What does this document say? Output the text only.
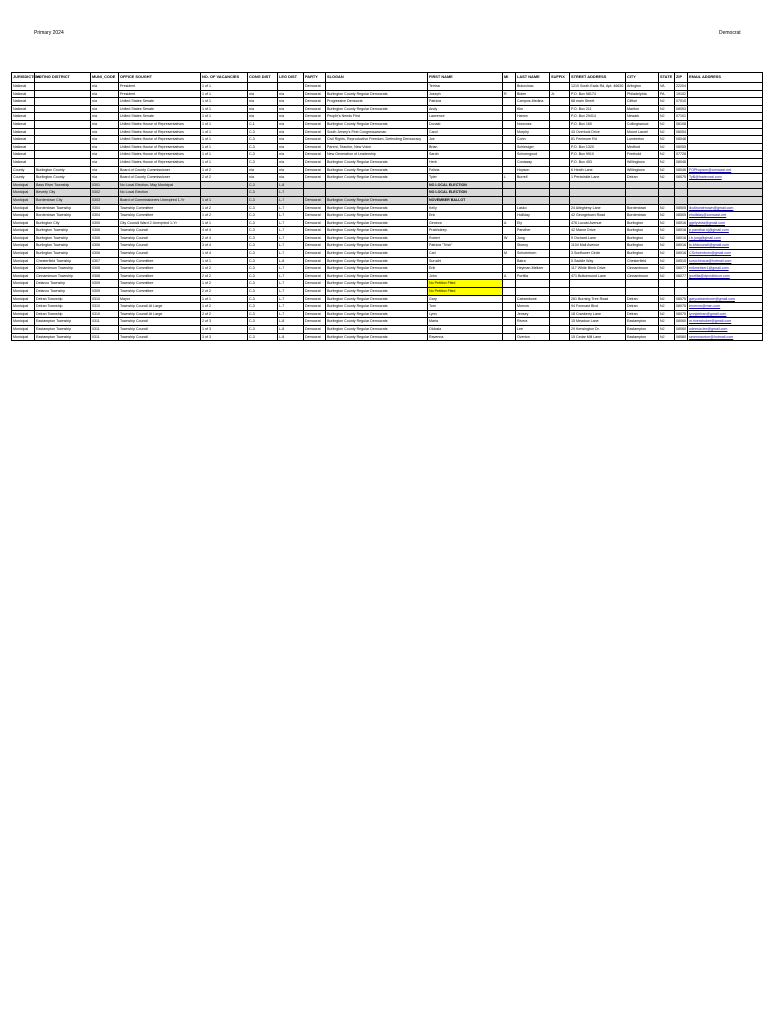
Primary 2024	Democrat
JURISDICTION	VOTING DISTRICT	MUNI_CODE	OFFICE SOUGHT	NO. OF VACANCIES	CONG DIST	LEG DIST	PARTY	SLOGAN	FIRST NAME	MI	LAST NAME	SUFFIX	STREET ADDRESS	CITY	STATE	ZIP	EMAIL ADDRESS
National		n/a	President	1 of 1			Democrat		Terrisa		Bukovinac		1210 South Eads Rd, Apt. 46630	Arlington	VA	22204	
National		n/a	President	1 of 1	n/a	n/a	Democrat	Burlington County Regular Democrats	Joseph	R	Biden	Jr.	P.O. Box 58174	Philadelphia	PA	19102	
National		n/a	United States Senate	1 of 1	n/a	n/a	Democrat	Progressive Democrat	Patricia		Campos-Medina		68 main Street	Clifton	NJ	07010	
National		n/a	United States Senate	1 of 1	n/a	n/a	Democrat	Burlington County Regular Democrats	Andy		Kim		P.O. Box 211	Marlton	NJ	08053	
National		n/a	United States Senate	1 of 1	n/a	n/a	Democrat	People's Needs First	Lawrence		Hamm		P.O. Box 29414	Newark	NJ	07101	
National		n/a	United States House of Representatives	1 of 1	C-1	n/a	Democrat	Burlington County Regular Democrats	Donald		Norcross		P.O. Box 160	Collingswood	NJ	08108	
National		n/a	United States House of Representatives	1 of 1	C-3	n/a	Democrat	South Jersey's First Congresswoman	Carol		Murphy		43 Overlook Drive	Mount Laurel	NJ	08054	
National		n/a	United States House of Representatives	1 of 1	C-3	n/a	Democrat	Civil Rights, Reproductive Freedom, Defending Democracy	Joe		Cohn		81 Fenimore Rd	Lumberton	NJ	08048	
National		n/a	United States House of Representatives	1 of 1	C-3	n/a	Democrat	Parent, Teacher, New Voice	Brian		Schlesiger		P.O. Box 1320	Medford	NJ	08055	
National		n/a	United States House of Representatives	1 of 1	C-3	n/a	Democrat	New Generation of Leadership	Sarah		Schoengood		P.O. Box 9910	Freehold	NJ	07728	
National		n/a	United States House of Representatives	1 of 1	C-3	n/a	Democrat	Burlington County Regular Democrats	Herb		Conaway		P.O. Box 493	Willingboro	NJ	08046	
County	Burlington County	n/a	Board of County Commissioner	1 of 2	n/a	n/a	Democrat	Burlington County Regular Democrats	Felicia		Hopson		6 Heath Lane	Willingboro	NJ	08046	FOPhopson@comcast.net
County	Burlington County	n/a	Board of County Commissioner	2 of 2	n/a	n/a	Democrat	Burlington County Regular Democrats	Tyler	L	Burrell		1 Periwinkle Lane	Delran	NJ	08075	TyB@fosterural.com
Municipal	Bass River Township	0301	No Local Election- May Municipal		C-3	L-8			NO LOCAL ELECTION								
Municipal	Beverly City	0302	No Local Election		C-3	L-7			NO LOCAL ELECTION								
Municipal	Bordentown City	0303	Board of Commissioners Unexpired 1-Yr	1 of 1	C-3	L-7	Democrat	Burlington County Regular Democrats	NOVEMBER BALLOT								
Municipal	Bordentown Township	0304	Township Committee	1 of 2	C-3	L-7	Democrat	Burlington County Regular Democrats	Kelly		Lasko		24 Allegheny Lane	Bordentown	NJ	08505	lko4bordenown@gmail.com
Municipal	Bordentown Township	0304	Township Committee	1 of 2	C-3	L-7	Democrat	Burlington County Regular Democrats	Eric		Holliday		42 Georgetown Road	Bordentown	NJ	08505	eholliday@comcast.net
Municipal	Burlington City	0305	City Council Ward 2 Unexpired 1-Yr	1 of 1	C-3	L-7	Democrat	Burlington County Regular Democrats	Geneva	A	Ely		476 Locust Avenue	Burlington	NJ	08016	ggelyvista@gmail.com
Municipal	Burlington Township	0306	Township Council	4 of 4	C-3	L-7	Democrat	Burlington County Regular Democrats	Prabhdeep		Pandher		42 Manor Drive	Burlington	NJ	08016	p.pandhar.nj@gmail.com
Municipal	Burlington Township	0306	Township Council	2 of 4	C-3	L-7	Democrat	Burlington County Regular Democrats	Robert	W	Jung		9 Orchard Lane	Burlington	NJ	08016	r.b.jung@gmail.com
Municipal	Burlington Township	0306	Township Council	3 of 4	C-3	L-7	Democrat	Burlington County Regular Democrats	Patricia "Trish"		Stoecy		1104 Mail Avenue	Burlington	NJ	08016	ts.bhtcouncil@gmail.com
Municipal	Burlington Township	0306	Township Council	1 of 4	C-3	L-7	Democrat	Burlington County Regular Democrats	Carl	M	Schoenborn		3 Sunflower Circle	Burlington	NJ	08016	CSchoenborn@gmail.com
Municipal	Chesterfield Township	0307	Township Committee	1 of 1	C-3	L-8	Democrat	Burlington County Regular Democrats	Suruchi		Batra		5 Saddle Way	Chesterfield	NJ	08515	suruchinaus@hotmail.com
Municipal	Cinnaminson Township	0308	Township Committee	1 of 2	C-3	L-7	Democrat	Burlington County Regular Democrats	Erik		Heyman-Meltzer		117 White Birch Drive	Cinnaminson	NJ	08077	erikmeltzer1@gmail.com
Municipal	Cinnaminson Township	0308	Township Committee	2 of 2	C-3	L-7	Democrat	Burlington County Regular Democrats	John	A	Portilla		471 Buttonwood Lane	Cinnaminson	NJ	08077	jportilla@dprodbbcor.com
Municipal	Delanco Township	0309	Township Committee	1 of 2	C-3	L-7	Democrat	Burlington County Regular Democrats	No Petition Filed								
Municipal	Delanco Township	0309	Township Committee	2 of 2	C-3	L-7	Democrat	Burlington County Regular Democrats	No Petition Filed								
Municipal	Delran Township	0310	Mayor	1 of 1	C-3	L-7	Democrat	Burlington County Regular Democrats	Gary		Catrambone		261 Burning Tree Road	Delran	NJ	08075	garycatrambone@gmail.com
Municipal	Delran Township	0310	Township Council At Large	1 of 2	C-3	L-7	Democrat	Burlington County Regular Democrats	Tom		Morrow		94 Forecast Blvd	Delran	NJ	08075	tmorrow@msn.com
Municipal	Delran Township	0310	Township Council At Large	2 of 2	C-3	L-7	Democrat	Burlington County Regular Democrats	Lynn		Jensey		18 Cranberry Lane	Delran	NJ	08075	lynnjdelran@gmail.com
Municipal	Eastampton Township	0311	Township Council	2 of 3	C-3	L-8	Democrat	Burlington County Regular Democrats	Maria		Rivera		15 Meadow Lane	Eastampton	NJ	08060	m.riverahuber@gmail.com
Municipal	Eastampton Township	0311	Township Council	1 of 3	C-3	L-8	Democrat	Burlington County Regular Democrats	Oldosia		Lee		29 Kensington Dr.	Eastampton	NJ	08060	odeesia.lee@gmail.com
Municipal	Eastampton Township	0311	Township Council	3 of 3	C-3	L-8	Democrat	Burlington County Regular Democrats	Ravenna		Overton		15 Cedar Mill Lane	Eastampton	NJ	08060	ravennaorton@hotmail.com
